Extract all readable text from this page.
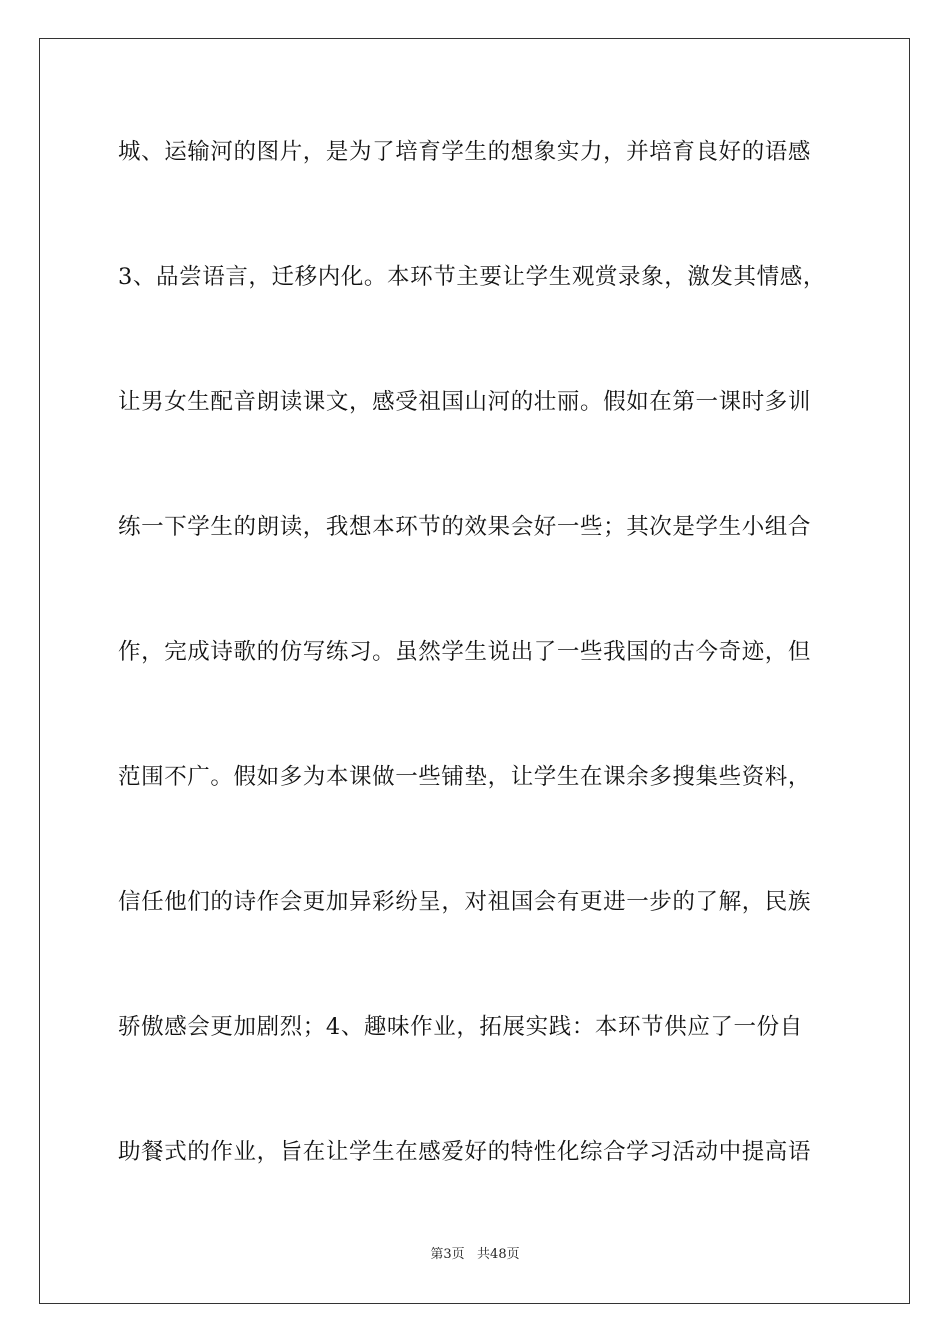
城、运输河的图片，是为了培育学生的想象实力，并培育良好的语感
3、品尝语言，迁移内化。本环节主要让学生观赏录象，激发其情感，
让男女生配音朗读课文，感受祖国山河的壮丽。假如在第一课时多训
练一下学生的朗读，我想本环节的效果会好一些；其次是学生小组合
作，完成诗歌的仿写练习。虽然学生说出了一些我国的古今奇迹，但
范围不广。假如多为本课做一些铺垫，让学生在课余多搜集些资料，
信任他们的诗作会更加异彩纷呈，对祖国会有更进一步的了解，民族
骄傲感会更加剧烈；4、趣味作业，拓展实践：本环节供应了一份自
助餐式的作业，旨在让学生在感爱好的特性化综合学习活动中提高语
第3页   共48页
